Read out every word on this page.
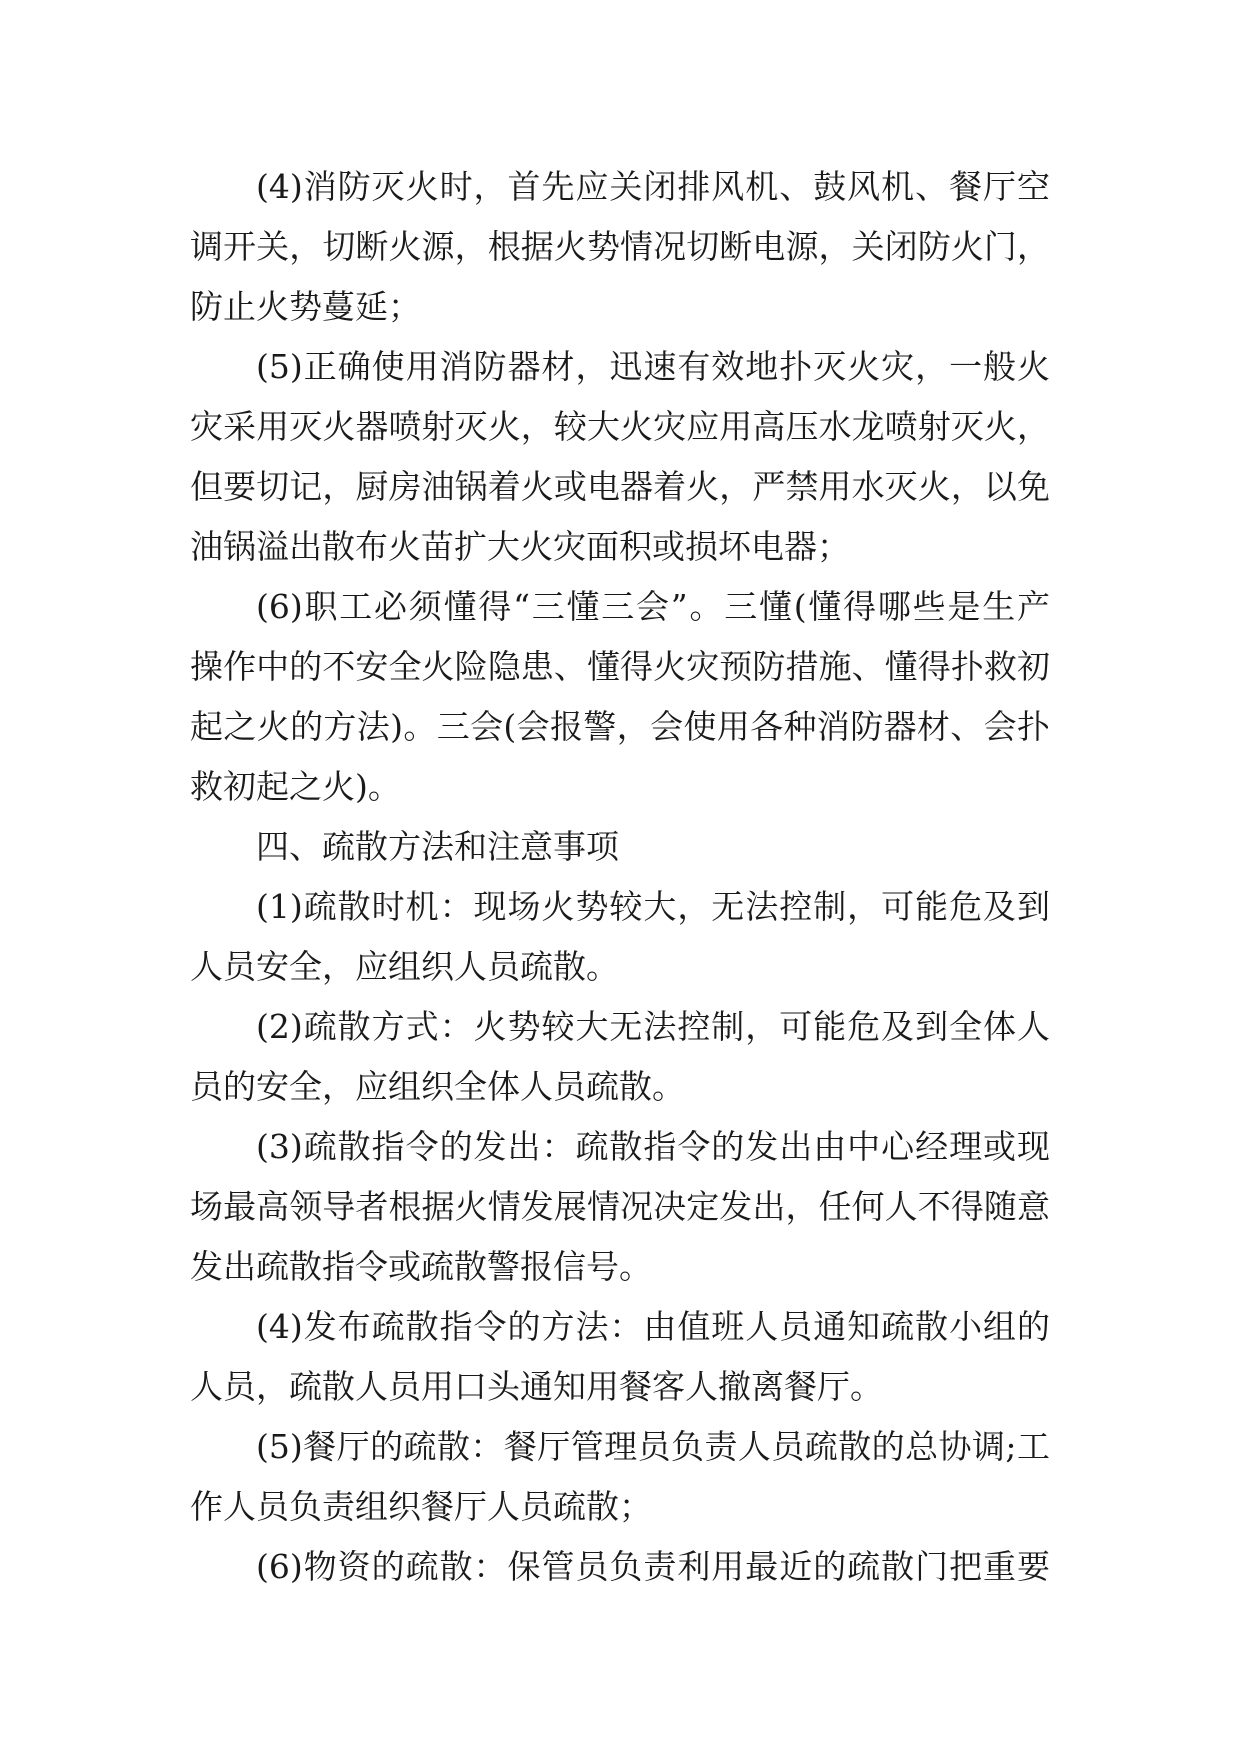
(4)消防灭火时，首先应关闭排风机、鼓风机、餐厅空
调开关，切断火源，根据火势情况切断电源，关闭防火门，
防止火势蔓延；
(5)正确使用消防器材，迅速有效地扑灭火灾，一般火
灾采用灭火器喷射灭火，较大火灾应用高压水龙喷射灭火，
但要切记，厨房油锅着火或电器着火，严禁用水灭火，以免
油锅溢出散布火苗扩大火灾面积或损坏电器；
(6)职工必须懂得“三懂三会”。三懂(懂得哪些是生产
操作中的不安全火险隐患、懂得火灾预防措施、懂得扑救初
起之火的方法)。三会(会报警，会使用各种消防器材、会扑
救初起之火)。
四、疏散方法和注意事项
(1)疏散时机：现场火势较大，无法控制，可能危及到
人员安全，应组织人员疏散。
(2)疏散方式：火势较大无法控制，可能危及到全体人
员的安全，应组织全体人员疏散。
(3)疏散指令的发出：疏散指令的发出由中心经理或现
场最高领导者根据火情发展情况决定发出，任何人不得随意
发出疏散指令或疏散警报信号。
(4)发布疏散指令的方法：由值班人员通知疏散小组的
人员，疏散人员用口头通知用餐客人撤离餐厅。
(5)餐厅的疏散：餐厅管理员负责人员疏散的总协调;工
作人员负责组织餐厅人员疏散；
(6)物资的疏散：保管员负责利用最近的疏散门把重要
